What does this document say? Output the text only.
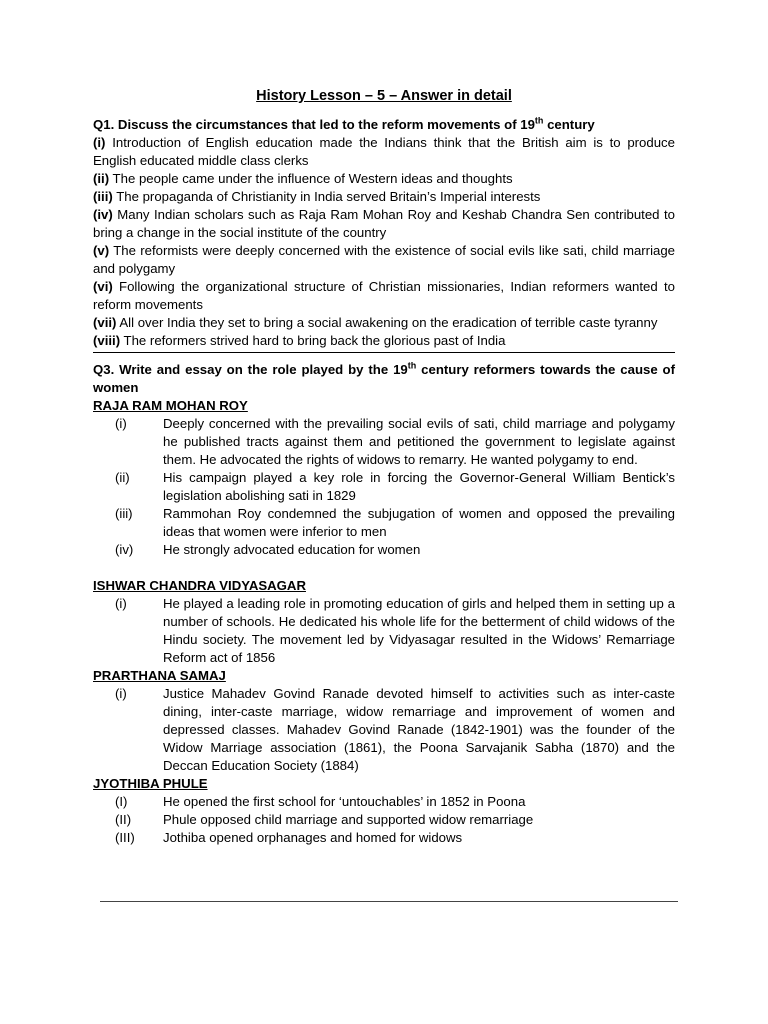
History Lesson – 5 – Answer in detail

Q1. Discuss the circumstances that led to the reform movements of 19th century

(i) Introduction of English education made the Indians think that the British aim is to produce English educated middle class clerks

(ii) The people came under the influence of Western ideas and thoughts

(iii) The propaganda of Christianity in India served Britain’s Imperial interests

(iv) Many Indian scholars such as Raja Ram Mohan Roy and Keshab Chandra Sen contributed to bring a change in the social institute of the country

(v) The reformists were deeply concerned with the existence of social evils like sati, child marriage and polygamy

(vi) Following the organizational structure of Christian missionaries, Indian reformers wanted to reform movements

(vii) All over India they set to bring a social awakening on the eradication of terrible caste tyranny

(viii) The reformers strived hard to bring back the glorious past of India

Q3. Write and essay on the role played by the 19th century reformers towards the cause of women

RAJA RAM MOHAN ROY

(i)	Deeply concerned with the prevailing social evils of sati, child marriage and polygamy he published tracts against them and petitioned the government to legislate against them. He advocated the rights of widows to remarry. He wanted polygamy to end.
(ii)	His campaign played a key role in forcing the Governor-General William Bentick’s legislation abolishing sati in 1829
(iii)	Rammohan Roy condemned the subjugation of women and opposed the prevailing ideas that women were inferior to men
(iv)	He strongly advocated education for women

ISHWAR CHANDRA VIDYASAGAR

(i)	He played a leading role in promoting education of girls and helped them in setting up a number of schools. He dedicated his whole life for the betterment of child widows of the Hindu society. The movement led by Vidyasagar resulted in the Widows’ Remarriage Reform act of 1856

PRARTHANA SAMAJ

(i)	Justice Mahadev Govind Ranade devoted himself to activities such as inter-caste dining, inter-caste marriage, widow remarriage and improvement of women and depressed classes. Mahadev Govind Ranade (1842-1901) was the founder of the Widow Marriage association (1861), the Poona Sarvajanik Sabha (1870) and the Deccan Education Society (1884)

JYOTHIBA PHULE

(I)	He opened the first school for ‘untouchables’ in 1852 in Poona
(II)	Phule opposed child marriage and supported widow remarriage
(III)	Jothiba opened orphanages and homed for widows
